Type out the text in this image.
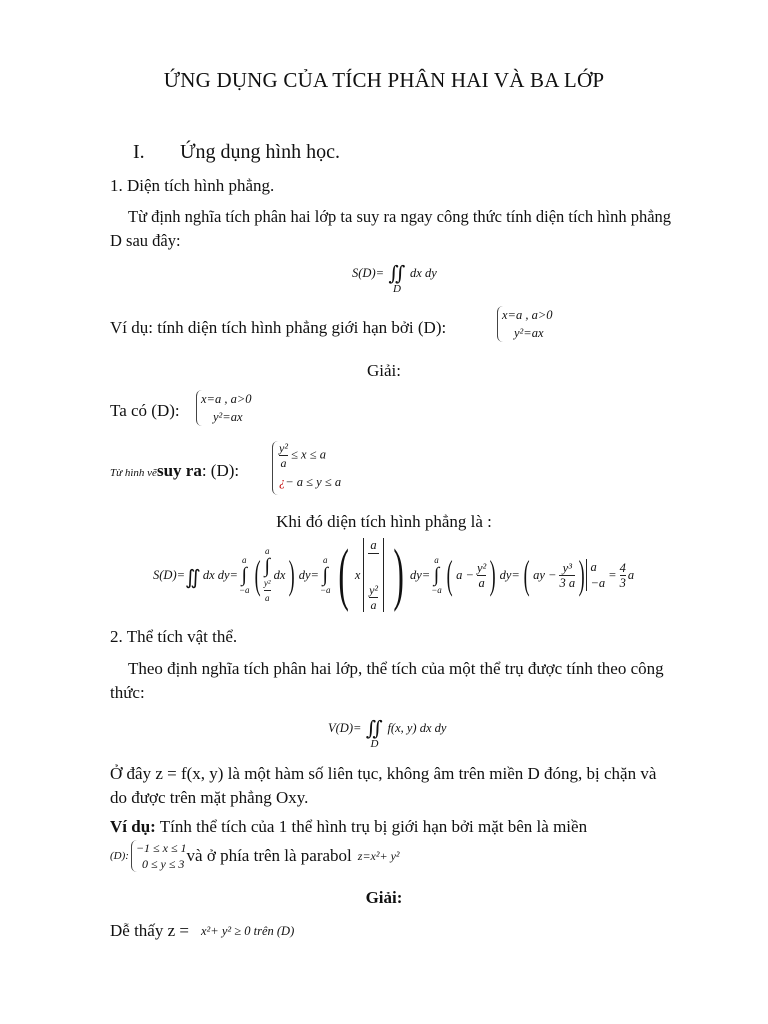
ỨNG DỤNG CỦA TÍCH PHÂN HAI VÀ BA LỚP
I. Ứng dụng hình học.
1. Diện tích hình phẳng.
Từ định nghĩa tích phân hai lớp ta suy ra ngay công thức tính diện tích hình phẳng D sau đây:
S(D)= ∬
D
dx dy
Ví dụ: tính diện tích hình phẳng giới hạn bởi (D):
x=a , a>0
y²=ax
Giải:
Ta có (D):
x=a , a>0
y²=ax
Từ hình vẽsuy ra: (D):
$\frac{\text{y²}}{a} \le x \le a$
¿− a ≤ y ≤ a
Khi đó diện tích hình phẳng là :
S(D)= ∬ dx dy=
a
∫
−a (
a
∫
$\frac{\text{y²}}{a}$
dx ) dy=
a
∫
−a ( x
a
$\frac{\text{y²}}{a}$ ) dy=
a
∫
−a ( $a - \frac{\text{y²}}{a}$ ) dy= ( ay − $\frac{\text{y³}}{3 a}$ ) a
−a
= $\frac{4}{3}$ a
2. Thể tích vật thể.
Theo định nghĩa tích phân hai lớp, thể tích của một thể trụ được tính theo công thức:
V(D)= ∬
D
f(x, y) dx dy
Ở đây z = f(x, y) là một hàm số liên tục, không âm trên miền D đóng, bị chặn và do được trên mặt phẳng Oxy.
Ví dụ: Tính thể tích của 1 thể hình trụ bị giới hạn bởi mặt bên là miền
(D):
−1 ≤ x ≤ 1
0 ≤ y ≤ 3 và ở phía trên là parabol z=x²+ y²
Giải:
Dễ thấy z = x²+ y² ≥ 0 trên (D)
